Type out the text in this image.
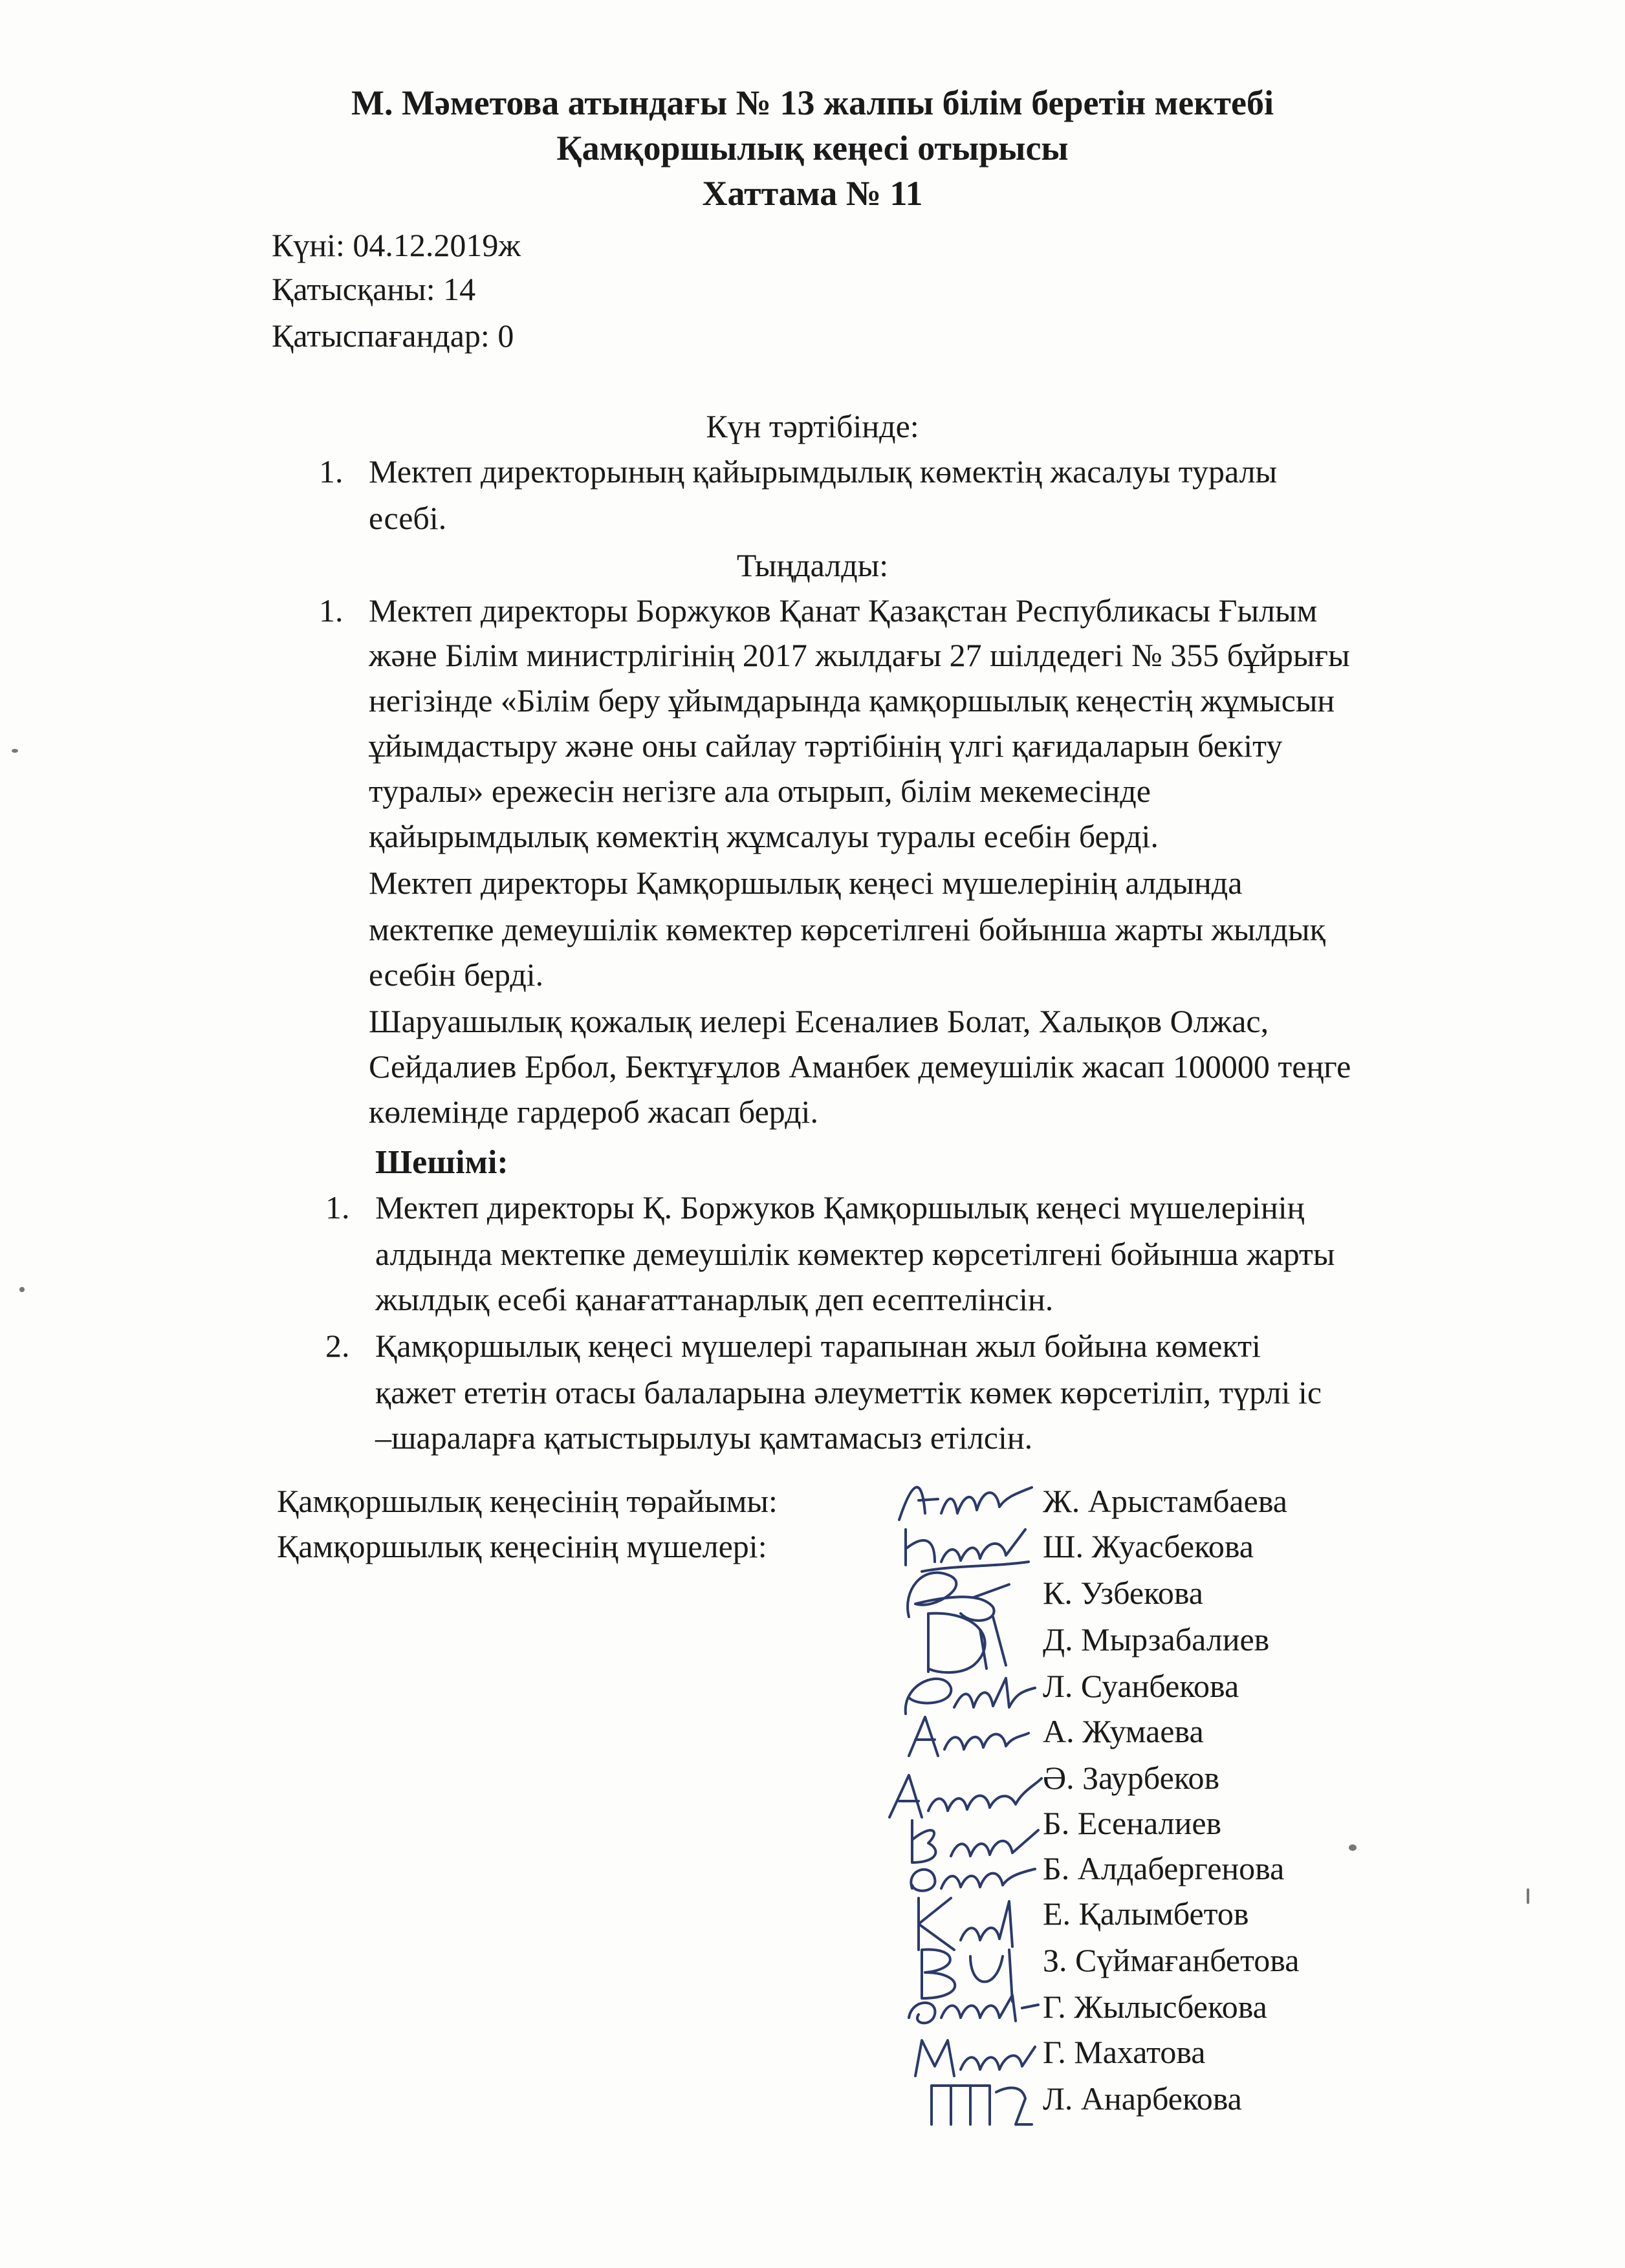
М. Мәметова атындағы № 13 жалпы білім беретін мектебі
Қамқоршылық кеңесі отырысы
Хаттама № 11
Күні: 04.12.2019ж
Қатысқаны: 14
Қатыспағандар: 0
Күн тәртібінде:
1. Мектеп директорының қайырымдылық көмектің жасалуы туралы
есебі.
Тыңдалды:
1. Мектеп директоры Боржуков Қанат Қазақстан Республикасы Ғылым
және Білім министрлігінің 2017 жылдағы 27 шілдедегі № 355 бұйрығы
негізінде «Білім беру ұйымдарында қамқоршылық кеңестің жұмысын
ұйымдастыру және оны сайлау тәртібінің үлгі қағидаларын бекіту
туралы» ережесін негізге ала отырып, білім мекемесінде
қайырымдылық көмектің жұмсалуы туралы есебін берді.
Мектеп директоры Қамқоршылық кеңесі мүшелерінің алдында
мектепке демеушілік көмектер көрсетілгені бойынша жарты жылдық
есебін берді.
Шаруашылық қожалық иелері Есеналиев Болат, Халықов Олжас,
Сейдалиев Ербол, Бектұғұлов Аманбек демеушілік жасап 100000 теңге
көлемінде гардероб жасап берді.
Шешімі:
1. Мектеп директоры Қ. Боржуков Қамқоршылық кеңесі мүшелерінің
алдында мектепке демеушілік көмектер көрсетілгені бойынша жарты
жылдық есебі қанағаттанарлық деп есептелінсін.
2. Қамқоршылық кеңесі мүшелері тарапынан жыл бойына көмекті
қажет ететін отасы балаларына әлеуметтік көмек көрсетіліп, түрлі іс
–шараларға қатыстырылуы қамтамасыз етілсін.
Қамқоршылық кеңесінің төрайымы:
Қамқоршылық кеңесінің мүшелері:
Ж. Арыстамбаева
Ш. Жуасбекова
К. Узбекова
Д. Мырзабалиев
Л. Суанбекова
А. Жумаева
Ә. Заурбеков
Б. Есеналиев
Б. Алдабергенова
Е. Қалымбетов
З. Сүймағанбетова
Г. Жылысбекова
Г. Махатова
Л. Анарбекова
